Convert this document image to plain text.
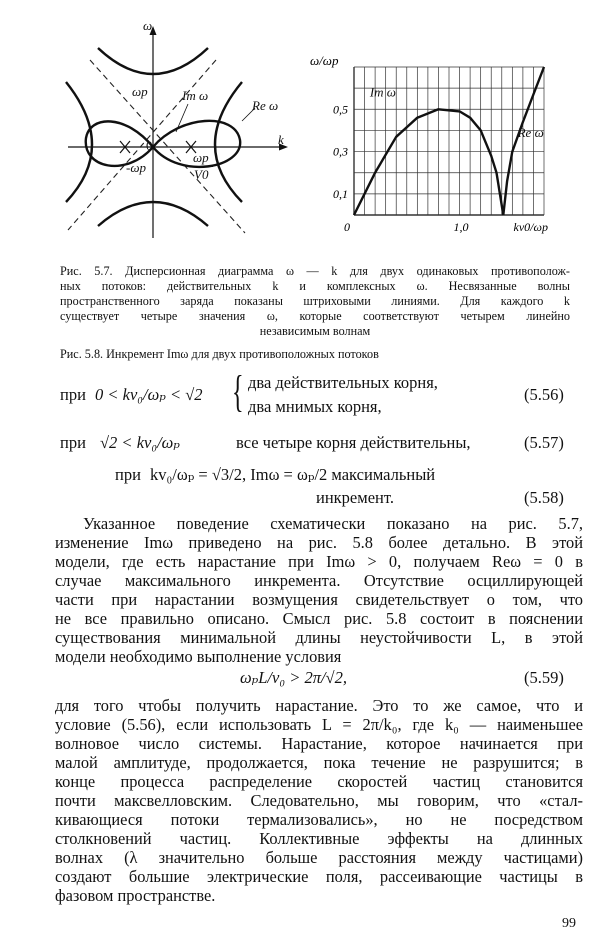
ω
k
ωp
-ωp
0
Im ω
Re ω
ωp
V0
0,1
0,3
0,5
0	1,0
ω/ωp
kv0/ωp
Im ω
Re ω
Рис. 5.7. Дисперсионная диаграмма ω — k для двух одинаковых противополож-
ных потоков: действительных k и комплексных ω. Несвязанные волны
пространственного заряда показаны штриховыми линиями. Для каждого k
существует четыре значения ω, которые соответствуют четырем линейно
независимым волнам
Рис. 5.8. Инкремент Imω для двух противоположных потоков
при 0 < kv₀/ωₚ < √2 { два действительных корня,
два мнимых корня,
(5.56)
при √2 < kv₀/ωₚ	все четыре корня действительны,	(5.57)
при kv₀/ωₚ = √3/2, Imω = ωₚ/2 максимальный
инкремент.	(5.58)
Указанное поведение схематически показано на рис. 5.7,
изменение Imω приведено на рис. 5.8 более детально. В этой
модели, где есть нарастание при Imω > 0, получаем Reω = 0 в
случае максимального инкремента. Отсутствие осциллирующей
части при нарастании возмущения свидетельствует о том, что
не все правильно описано. Смысл рис. 5.8 состоит в пояснении
существования минимальной длины неустойчивости L, в этой
модели необходимо выполнение условия
ωₚL/v₀ > 2π/√2,	(5.59)
для того чтобы получить нарастание. Это то же самое, что и
условие (5.56), если использовать L = 2π/k₀, где k₀ — наименьшее
волновое число системы. Нарастание, которое начинается при
малой амплитуде, продолжается, пока течение не разрушится; в
конце процесса распределение скоростей частиц становится
почти максвелловским. Следовательно, мы говорим, что «стал-
кивающиеся потоки термализовались», но не посредством
столкновений частиц. Коллективные эффекты на длинных
волнах (λ значительно больше расстояния между частицами)
создают большие электрические поля, рассеивающие частицы в
фазовом пространстве.
99
